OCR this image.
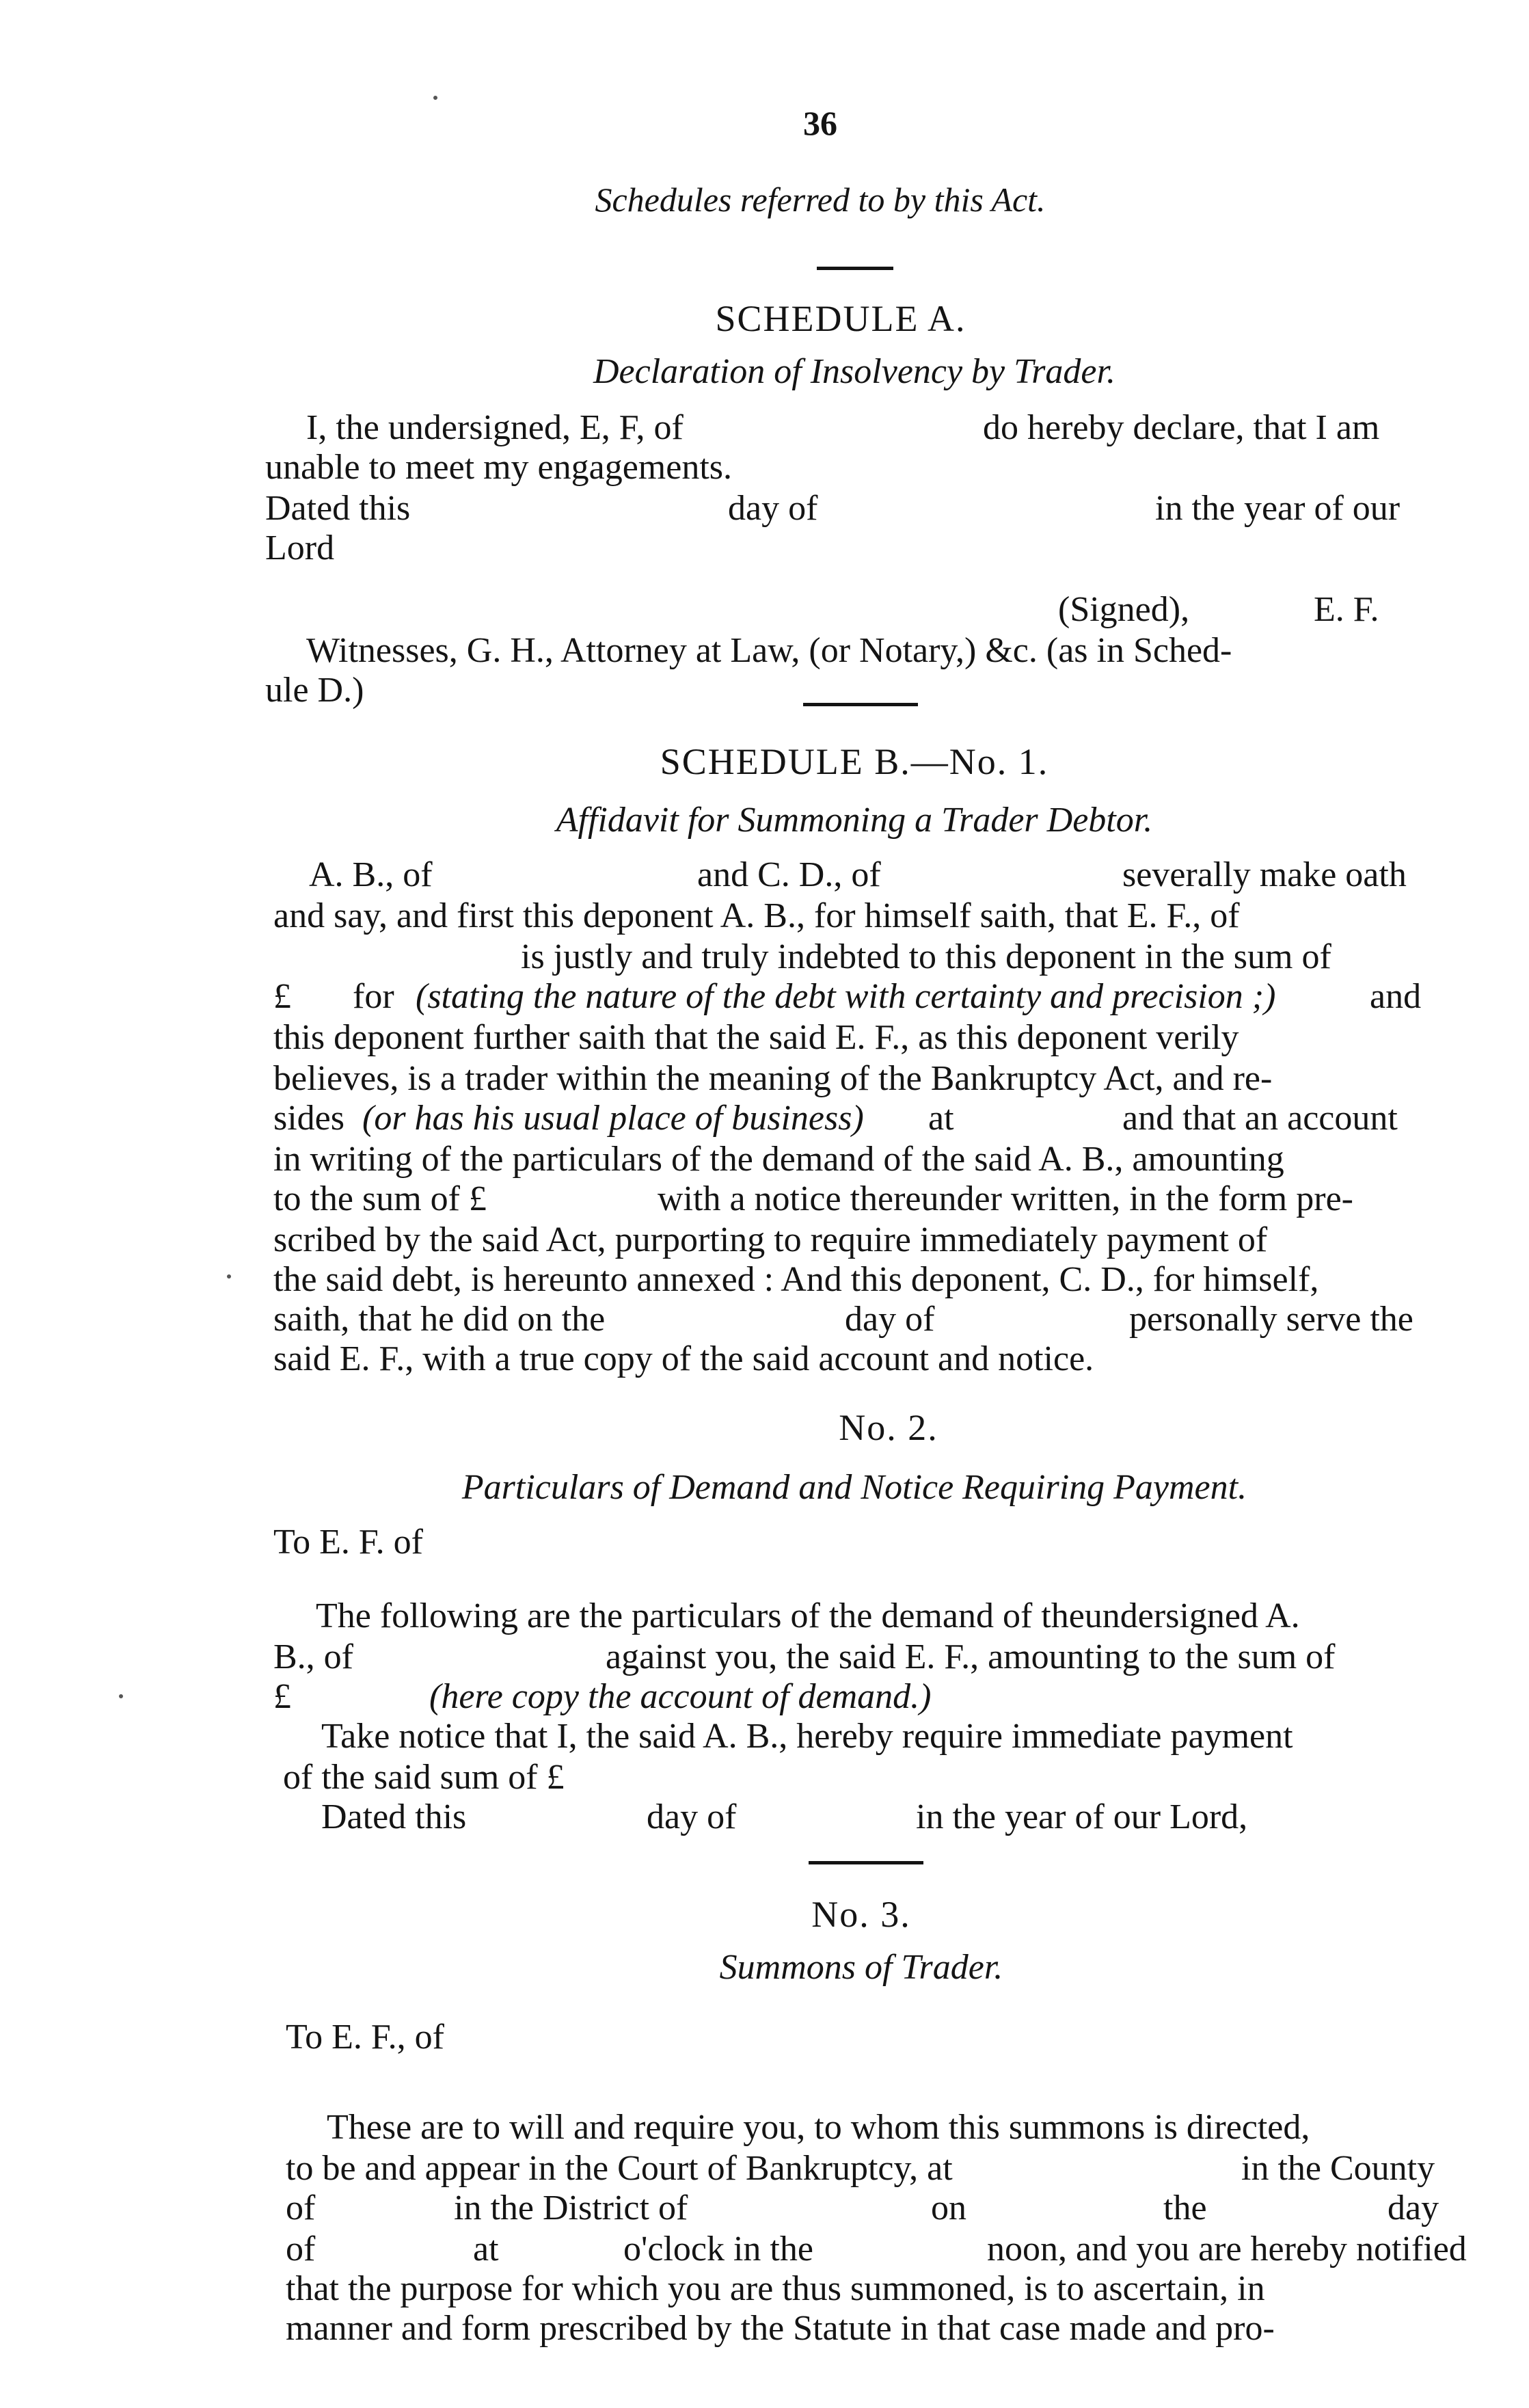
36
Schedules referred to by this Act.
SCHEDULE A.
Declaration of Insolvency by Trader.
I, the undersigned, E, F, of	do hereby declare, that I am
unable to meet my engagements.
Dated this	day of	in the year of our
Lord
(Signed),	E. F.
Witnesses, G. H., Attorney at Law, (or Notary,) &c. (as in Sched-
ule D.)
SCHEDULE B.—No. 1.
Affidavit for Summoning a Trader Debtor.
A. B., of	and C. D., of	severally make oath
and say, and first this deponent A. B., for himself saith, that E. F., of
is justly and truly indebted to this deponent in the sum of
£ for (stating the nature of the debt with certainty and precision ;)	and
this deponent further saith that the said E. F., as this deponent verily
believes, is a trader within the meaning of the Bankruptcy Act, and re-
sides (or has his usual place of business) at	and that an account
in writing of the particulars of the demand of the said A. B., amounting
to the sum of £	with a notice thereunder written, in the form pre-
scribed by the said Act, purporting to require immediately payment of
the said debt, is hereunto annexed : And this deponent, C. D., for himself,
saith, that he did on the	day of	personally serve the
said E. F., with a true copy of the said account and notice.
No. 2.
Particulars of Demand and Notice Requiring Payment.
To E. F. of
The following are the particulars of the demand of theundersigned A.
B., of	against you, the said E. F., amounting to the sum of
£	(here copy the account of demand.)
Take notice that I, the said A. B., hereby require immediate payment
of the said sum of £
Dated this	day of	in the year of our Lord,
No. 3.
Summons of Trader.
To E. F., of
These are to will and require you, to whom this summons is directed,
to be and appear in the Court of Bankruptcy, at	in the County
of	in the District of	on	the	day
of	at	o'clock in the	noon, and you are hereby notified
that the purpose for which you are thus summoned, is to ascertain, in
manner and form prescribed by the Statute in that case made and pro-
